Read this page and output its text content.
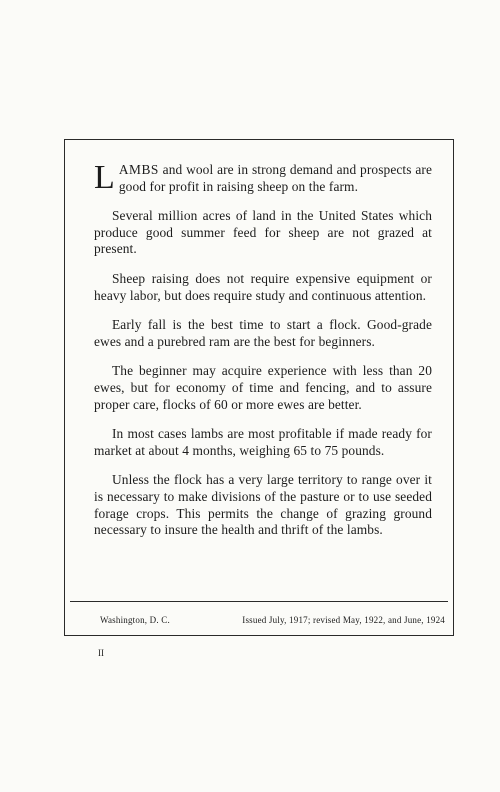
LAMBS and wool are in strong demand and prospects are good for profit in raising sheep on the farm.

Several million acres of land in the United States which produce good summer feed for sheep are not grazed at present.

Sheep raising does not require expensive equipment or heavy labor, but does require study and continuous attention.

Early fall is the best time to start a flock. Good-grade ewes and a purebred ram are the best for beginners.

The beginner may acquire experience with less than 20 ewes, but for economy of time and fencing, and to assure proper care, flocks of 60 or more ewes are better.

In most cases lambs are most profitable if made ready for market at about 4 months, weighing 65 to 75 pounds.

Unless the flock has a very large territory to range over it is necessary to make divisions of the pasture or to use seeded forage crops. This permits the change of grazing ground necessary to insure the health and thrift of the lambs.

Washington, D. C.	Issued July, 1917; revised May, 1922, and June, 1924
II
